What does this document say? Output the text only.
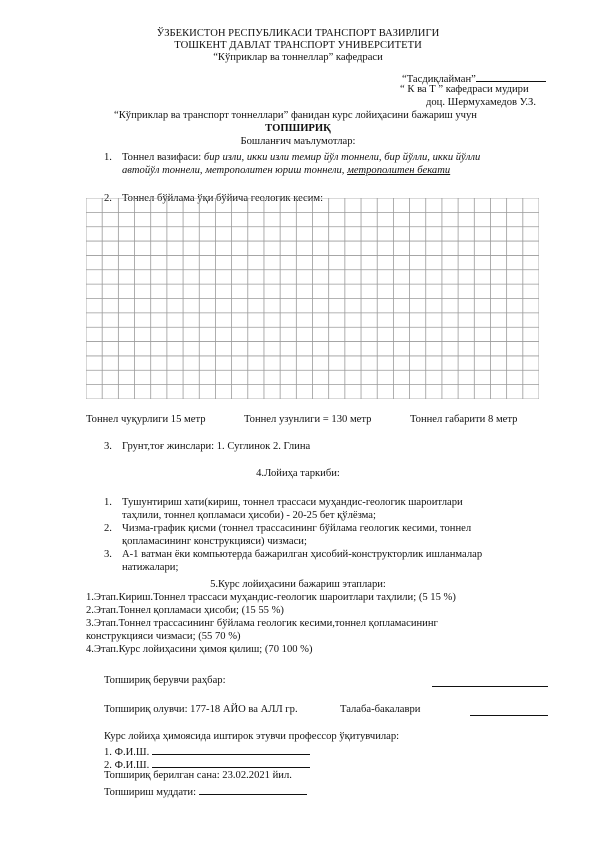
ЎЗБЕКИСТОН РЕСПУБЛИКАСИ ТРАНСПОРТ ВАЗИРЛИГИ
ТОШКЕНТ ДАВЛАТ ТРАНСПОРТ УНИВЕРСИТЕТИ
“Кўприклар ва тоннеллар” кафедраси
“Тасдиқлайман”
“ К ва Т ” кафедраси мудири
доц. Шермухамедов У.З.
“Кўприклар ва транспорт тоннеллари” фанидан курс лойиҳасини бажариш учун
ТОПШИРИҚ
Бошланғич маълумотлар:
1. Тоннел вазифаси: бир изли, икки изли темир йўл тоннели, бир йўлли, икки йўлли
автойўл тоннели, метрополитен юриш тоннели, метрополитен бекати
2. Тоннел бўйлама ўқи бўйича геологик кесим:
Тоннел чуқурлиги 15 метр	Тоннел узунлиги = 130 метр	Тоннел габарити 8 метр
3. Грунт,тоғ жинслари: 1. Суглинок 2. Глина
4.Лойиҳа таркиби:
1. Тушунтириш хати(кириш, тоннел трассаси муҳандис-геологик шароитлари
таҳлили, тоннел қопламаси ҳисоби) - 20-25 бет қўлёзма;
2. Чизма-график қисми (тоннел трассасининг бўйлама геологик кесими, тоннел
қопламасининг конструкцияси) чизмаси;
3. А-1 ватман ёки компьютерда бажарилган ҳисобий-конструкторлик ишланмалар
натижалари;
5.Курс лойиҳасини бажариш этаплари:
1.Этап.Кириш.Тоннел трассаси муҳандис-геологик шароитлари таҳлили; (5 15 %)
2.Этап.Тоннел қопламаси ҳисоби; (15 55 %)
3.Этап.Тоннел трассасининг бўйлама геологик кесими,тоннел қопламасининг
конструкцияси чизмаси; (55 70 %)
4.Этап.Курс лойиҳасини ҳимоя қилиш; (70 100 %)
Топшириқ берувчи раҳбар:
Топшириқ олувчи: 177-18 АЙО ва АЛЛ гр.	Талаба-бакалаври
Курс лойиҳа ҳимоясида иштирок этувчи профессор ўқитувчилар:
1. Ф.И.Ш.
2. Ф.И.Ш.
Топшириқ берилган сана: 23.02.2021 йил.
Топшириш муддати:
